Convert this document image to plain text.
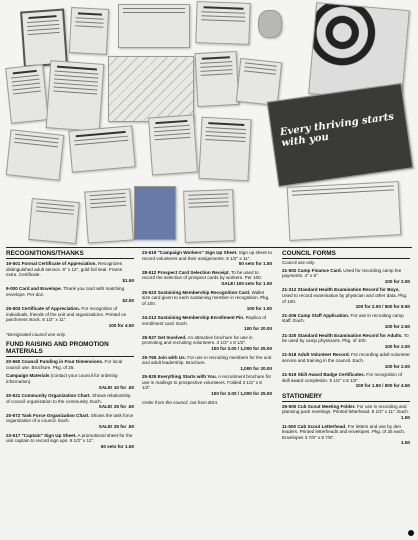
Every thriving starts with you
RECOGNITIONS/THANKS
19-501 Formal Certificate of Appreciation. Recognizes distinguished adult service. 9" x 12", gold foil seal. Frame extra. Certificate.
$1.50
9-000 Card and Envelope. Thank you card with matching envelope. Per doz.
$2.50
25-503 Certificate of Appreciation. For recognition of individuals, friends of the unit and organizations. Printed on parchment stock. 8 1/2" x 11".
100 for 4.50
*Designated council use only.
FUND RAISING AND PROMOTION MATERIALS
20-560 Council Funding in Four Dimensions. For local council use. Brochure. Pkg. of 25.
Campaign Materials (contact your council for ordering information).
SALE! 10 for .50
20-621 Community Organization Chart. Shows relationship of council organization to the community. Each.
SALE! 25 for .50
20-672 Task Force Organization Chart. Shows the task force organization of a council. Each.
SALE! 25 for .50
23-617 "Captain" Sign Up Sheet. A promotional sheet for the unit captain to record sign ups. 8 1/2" x 11".
50 sets for 1.50
23-619 "Campaign Workers" Sign Up Sheet. Sign up sheet to record volunteers and their assignments. 8 1/2" x 11".
50 sets for 1.50
28-512 Prospect Card Selection Receipt. To be used to record the selection of prospect cards by workers. Per 100.
SALE! 100 sets for 1.50
25-523 Sustaining Membership Recognition Card. Wallet size card given to each sustaining member in recognition. Pkg. of 100.
100 for 1.00
24-212 Sustaining Membership Enrollment Pin. Replica of enrollment card. Each.
100 for 20.00
25-527 Get Involved. An attractive brochure for use in promoting and recruiting volunteers. 3 1/2" x 8 1/2".
100 for 3.00 / 1,000 for 25.00
25-765 Join with Us. For use in recruiting members for the unit and adult leadership. Brochure.
1,000 for 20.00
25-525 Everything Starts with You. A recruitment brochure for use in mailings to prospective volunteers. Folded 3 1/2" x 8 1/2".
100 for 3.00 / 1,000 for 25.00
Order from the council, not from BSA.
COUNCIL FORMS
Council use only.
21-502 Camp Finance Card. Used for recording camp fee payments. 4" x 6".
100 for 2.00
21-312 Standard Health Examination Record for Boys. Used to record examination by physician and other data. Pkg. of 100.
100 for 2.00 / 500 for 8.50
21-206 Camp Staff Application. For use in recruiting camp staff. Each.
100 for 2.50
21-320 Standard Health Examination Record for Adults. To be used by camp physicians. Pkg. of 100.
100 for 2.00
21-518 Adult Volunteer Record. For recording adult volunteer service and training in the council. Each.
100 for 2.00
21-519 Skill Award Badge Certificates. For recognition of skill award completion. 5 1/2" x 8 1/2".
100 for 1.50 / 500 for 4.50
STATIONERY
26-500 Cub Scout Meeting Folder. For use in recording and planning pack meetings. Printed letterhead. 8 1/2" x 11". Each.
1.50
11-500 Cub Scout Letterhead. For letters and use by den leaders. Printed letterheads and envelopes. Pkg. of 25 each. Envelopes 3 7/8" x 8 7/8".
1.50
